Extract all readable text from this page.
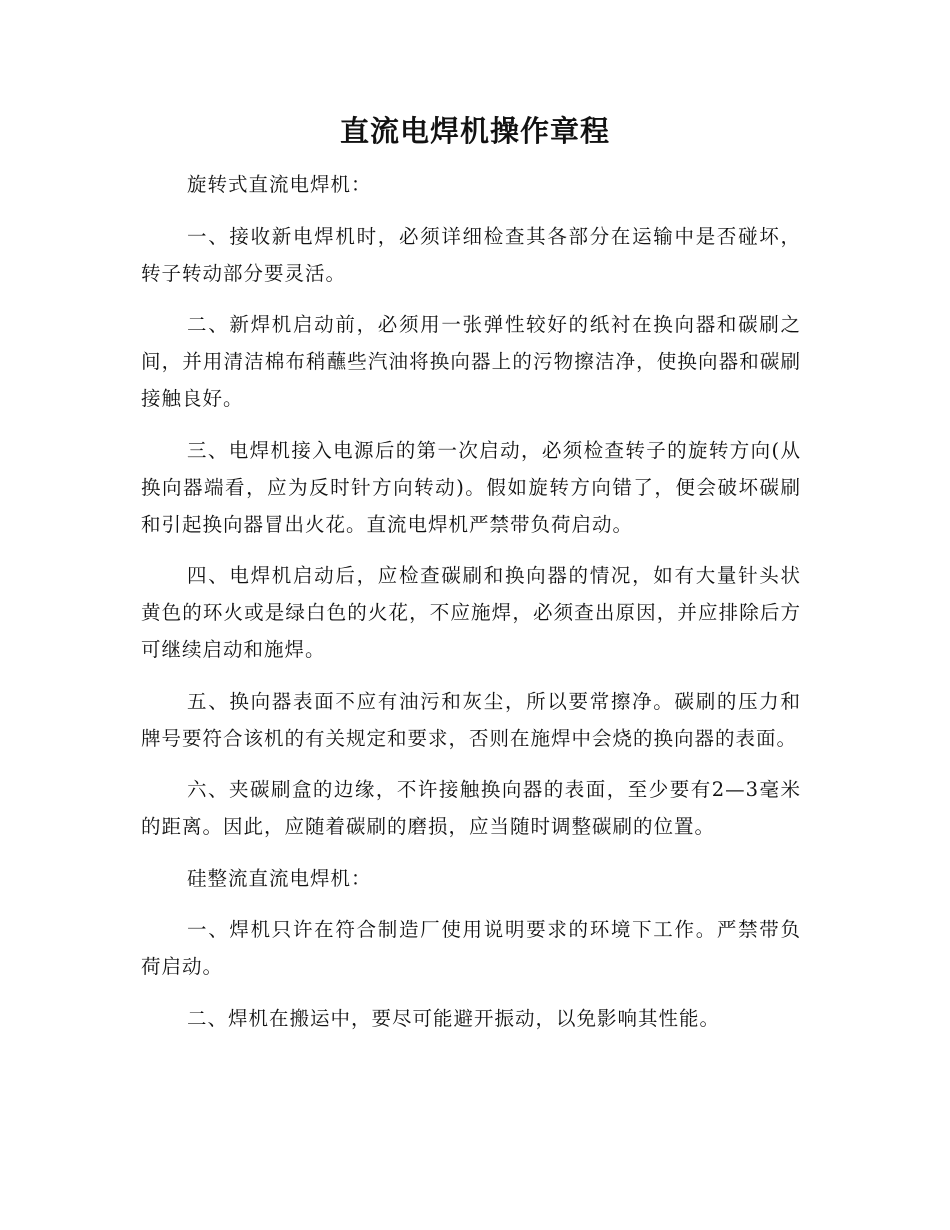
直流电焊机操作章程

旋转式直流电焊机：

一、接收新电焊机时，必须详细检查其各部分在运输中是否碰坏，转子转动部分要灵活。

二、新焊机启动前，必须用一张弹性较好的纸衬在换向器和碳刷之间，并用清洁棉布稍蘸些汽油将换向器上的污物擦洁净，使换向器和碳刷接触良好。

三、电焊机接入电源后的第一次启动，必须检查转子的旋转方向(从换向器端看，应为反时针方向转动)。假如旋转方向错了，便会破坏碳刷和引起换向器冒出火花。直流电焊机严禁带负荷启动。

四、电焊机启动后，应检查碳刷和换向器的情况，如有大量针头状黄色的环火或是绿白色的火花，不应施焊，必须查出原因，并应排除后方可继续启动和施焊。

五、换向器表面不应有油污和灰尘，所以要常擦净。碳刷的压力和牌号要符合该机的有关规定和要求，否则在施焊中会烧的换向器的表面。

六、夹碳刷盒的边缘，不许接触换向器的表面，至少要有2—3毫米的距离。因此，应随着碳刷的磨损，应当随时调整碳刷的位置。

硅整流直流电焊机：

一、焊机只许在符合制造厂使用说明要求的环境下工作。严禁带负荷启动。

二、焊机在搬运中，要尽可能避开振动，以免影响其性能。
